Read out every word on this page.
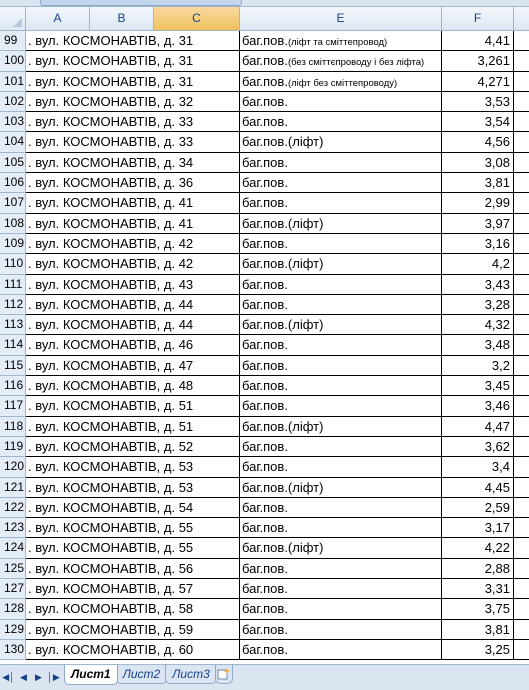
A	B	C	E	F
99 . вул. КОСМОНАВТІВ, д. 31	баг.пов.(ліфт та сміттепровод)	4,41
100 . вул. КОСМОНАВТІВ, д. 31	баг.пов.(без сміттєпроводу і без ліфта)	3,261
101 . вул. КОСМОНАВТІВ, д. 31	баг.пов.(ліфт без сміттепроводу)	4,271
102 . вул. КОСМОНАВТІВ, д. 32	баг.пов.	3,53
103 . вул. КОСМОНАВТІВ, д. 33	баг.пов.	3,54
104 . вул. КОСМОНАВТІВ, д. 33	баг.пов.(ліфт)	4,56
105 . вул. КОСМОНАВТІВ, д. 34	баг.пов.	3,08
106 . вул. КОСМОНАВТІВ, д. 36	баг.пов.	3,81
107 . вул. КОСМОНАВТІВ, д. 41	баг.пов.	2,99
108 . вул. КОСМОНАВТІВ, д. 41	баг.пов.(ліфт)	3,97
109 . вул. КОСМОНАВТІВ, д. 42	баг.пов.	3,16
110 . вул. КОСМОНАВТІВ, д. 42	баг.пов.(ліфт)	4,2
111 . вул. КОСМОНАВТІВ, д. 43	баг.пов.	3,43
112 . вул. КОСМОНАВТІВ, д. 44	баг.пов.	3,28
113 . вул. КОСМОНАВТІВ, д. 44	баг.пов.(ліфт)	4,32
114 . вул. КОСМОНАВТІВ, д. 46	баг.пов.	3,48
115 . вул. КОСМОНАВТІВ, д. 47	баг.пов.	3,2
116 . вул. КОСМОНАВТІВ, д. 48	баг.пов.	3,45
117 . вул. КОСМОНАВТІВ, д. 51	баг.пов.	3,46
118 . вул. КОСМОНАВТІВ, д. 51	баг.пов.(ліфт)	4,47
119 . вул. КОСМОНАВТІВ, д. 52	баг.пов.	3,62
120 . вул. КОСМОНАВТІВ, д. 53	баг.пов.	3,4
121 . вул. КОСМОНАВТІВ, д. 53	баг.пов.(ліфт)	4,45
122 . вул. КОСМОНАВТІВ, д. 54	баг.пов.	2,59
123 . вул. КОСМОНАВТІВ, д. 55	баг.пов.	3,17
124 . вул. КОСМОНАВТІВ, д. 55	баг.пов.(ліфт)	4,22
125 . вул. КОСМОНАВТІВ, д. 56	баг.пов.	2,88
127 . вул. КОСМОНАВТІВ, д. 57	баг.пов.	3,31
128 . вул. КОСМОНАВТІВ, д. 58	баг.пов.	3,75
129 . вул. КОСМОНАВТІВ, д. 59	баг.пов.	3,81
130 . вул. КОСМОНАВТІВ, д. 60	баг.пов.	3,25
◀│ ◀ ▶ │▶ Лист1	Лист2	Лист3
